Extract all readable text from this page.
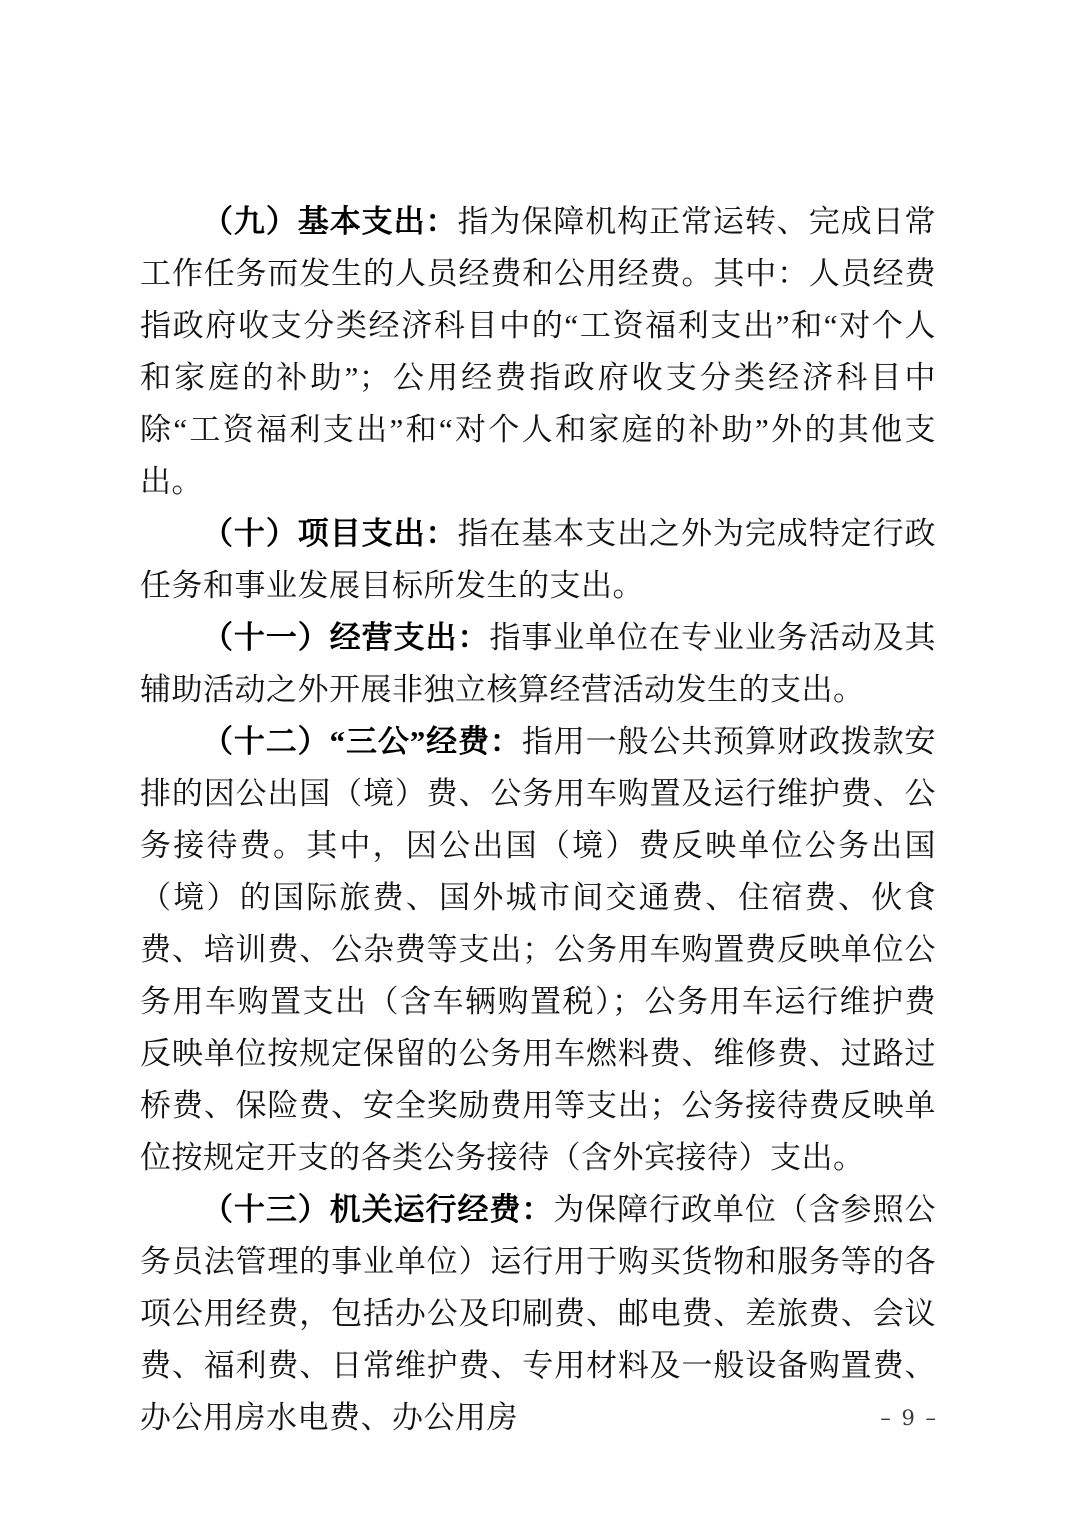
（九）基本支出：指为保障机构正常运转、完成日常工作任务而发生的人员经费和公用经费。其中：人员经费指政府收支分类经济科目中的“工资福利支出”和“对个人和家庭的补助”；公用经费指政府收支分类经济科目中除“工资福利支出”和“对个人和家庭的补助”外的其他支出。

（十）项目支出：指在基本支出之外为完成特定行政任务和事业发展目标所发生的支出。

（十一）经营支出：指事业单位在专业业务活动及其辅助活动之外开展非独立核算经营活动发生的支出。

（十二）“三公”经费：指用一般公共预算财政拨款安排的因公出国（境）费、公务用车购置及运行维护费、公务接待费。其中，因公出国（境）费反映单位公务出国（境）的国际旅费、国外城市间交通费、住宿费、伙食费、培训费、公杂费等支出；公务用车购置费反映单位公务用车购置支出（含车辆购置税）；公务用车运行维护费反映单位按规定保留的公务用车燃料费、维修费、过路过桥费、保险费、安全奖励费用等支出；公务接待费反映单位按规定开支的各类公务接待（含外宾接待）支出。

（十三）机关运行经费：为保障行政单位（含参照公务员法管理的事业单位）运行用于购买货物和服务等的各项公用经费，包括办公及印刷费、邮电费、差旅费、会议费、福利费、日常维护费、专用材料及一般设备购置费、办公用房水电费、办公用房	– 9 –
